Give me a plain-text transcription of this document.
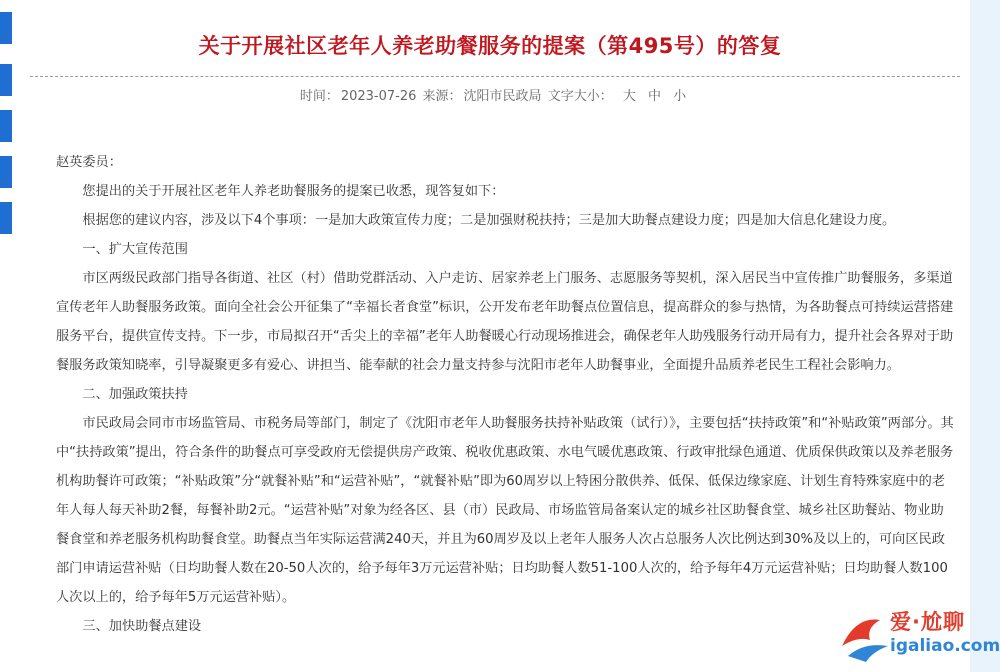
关于开展社区老年人养老助餐服务的提案（第495号）的答复
时间： 2023-07-26 来源： 沈阳市民政局 文字大小： 大 中 小

赵英委员：

您提出的关于开展社区老年人养老助餐服务的提案已收悉，现答复如下：

根据您的建议内容，涉及以下4个事项：一是加大政策宣传力度；二是加强财税扶持；三是加大助餐点建设力度；四是加大信息化建设力度。

一、扩大宣传范围

市区两级民政部门指导各街道、社区（村）借助党群活动、入户走访、居家养老上门服务、志愿服务等契机，深入居民当中宣传推广助餐服务，多渠道宣传老年人助餐服务政策。面向全社会公开征集了“幸福长者食堂”标识，公开发布老年助餐点位置信息，提高群众的参与热情，为各助餐点可持续运营搭建服务平台，提供宣传支持。下一步，市局拟召开“舌尖上的幸福”老年人助餐暖心行动现场推进会，确保老年人助残服务行动开局有力，提升社会各界对于助餐服务政策知晓率，引导凝聚更多有爱心、讲担当、能奉献的社会力量支持参与沈阳市老年人助餐事业，全面提升品质养老民生工程社会影响力。

二、加强政策扶持

市民政局会同市市场监管局、市税务局等部门，制定了《沈阳市老年人助餐服务扶持补贴政策（试行）》，主要包括“扶持政策”和“补贴政策”两部分。其中“扶持政策”提出，符合条件的助餐点可享受政府无偿提供房产政策、税收优惠政策、水电气暖优惠政策、行政审批绿色通道、优质保供政策以及养老服务机构助餐许可政策；“补贴政策”分“就餐补贴”和“运营补贴”，“就餐补贴”即为60周岁以上特困分散供养、低保、低保边缘家庭、计划生育特殊家庭中的老年人每人每天补助2餐，每餐补助2元。“运营补贴”对象为经各区、县（市）民政局、市场监管局备案认定的城乡社区助餐食堂、城乡社区助餐站、物业助餐食堂和养老服务机构助餐食堂。助餐点当年实际运营满240天，并且为60周岁及以上老年人服务人次占总服务人次比例达到30%及以上的，可向区民政部门申请运营补贴（日均助餐人数在20-50人次的，给予每年3万元运营补贴；日均助餐人数51-100人次的，给予每年4万元运营补贴；日均助餐人数100人次以上的，给予每年5万元运营补贴）。

三、加快助餐点建设	爱·尬聊
igaliao.com
